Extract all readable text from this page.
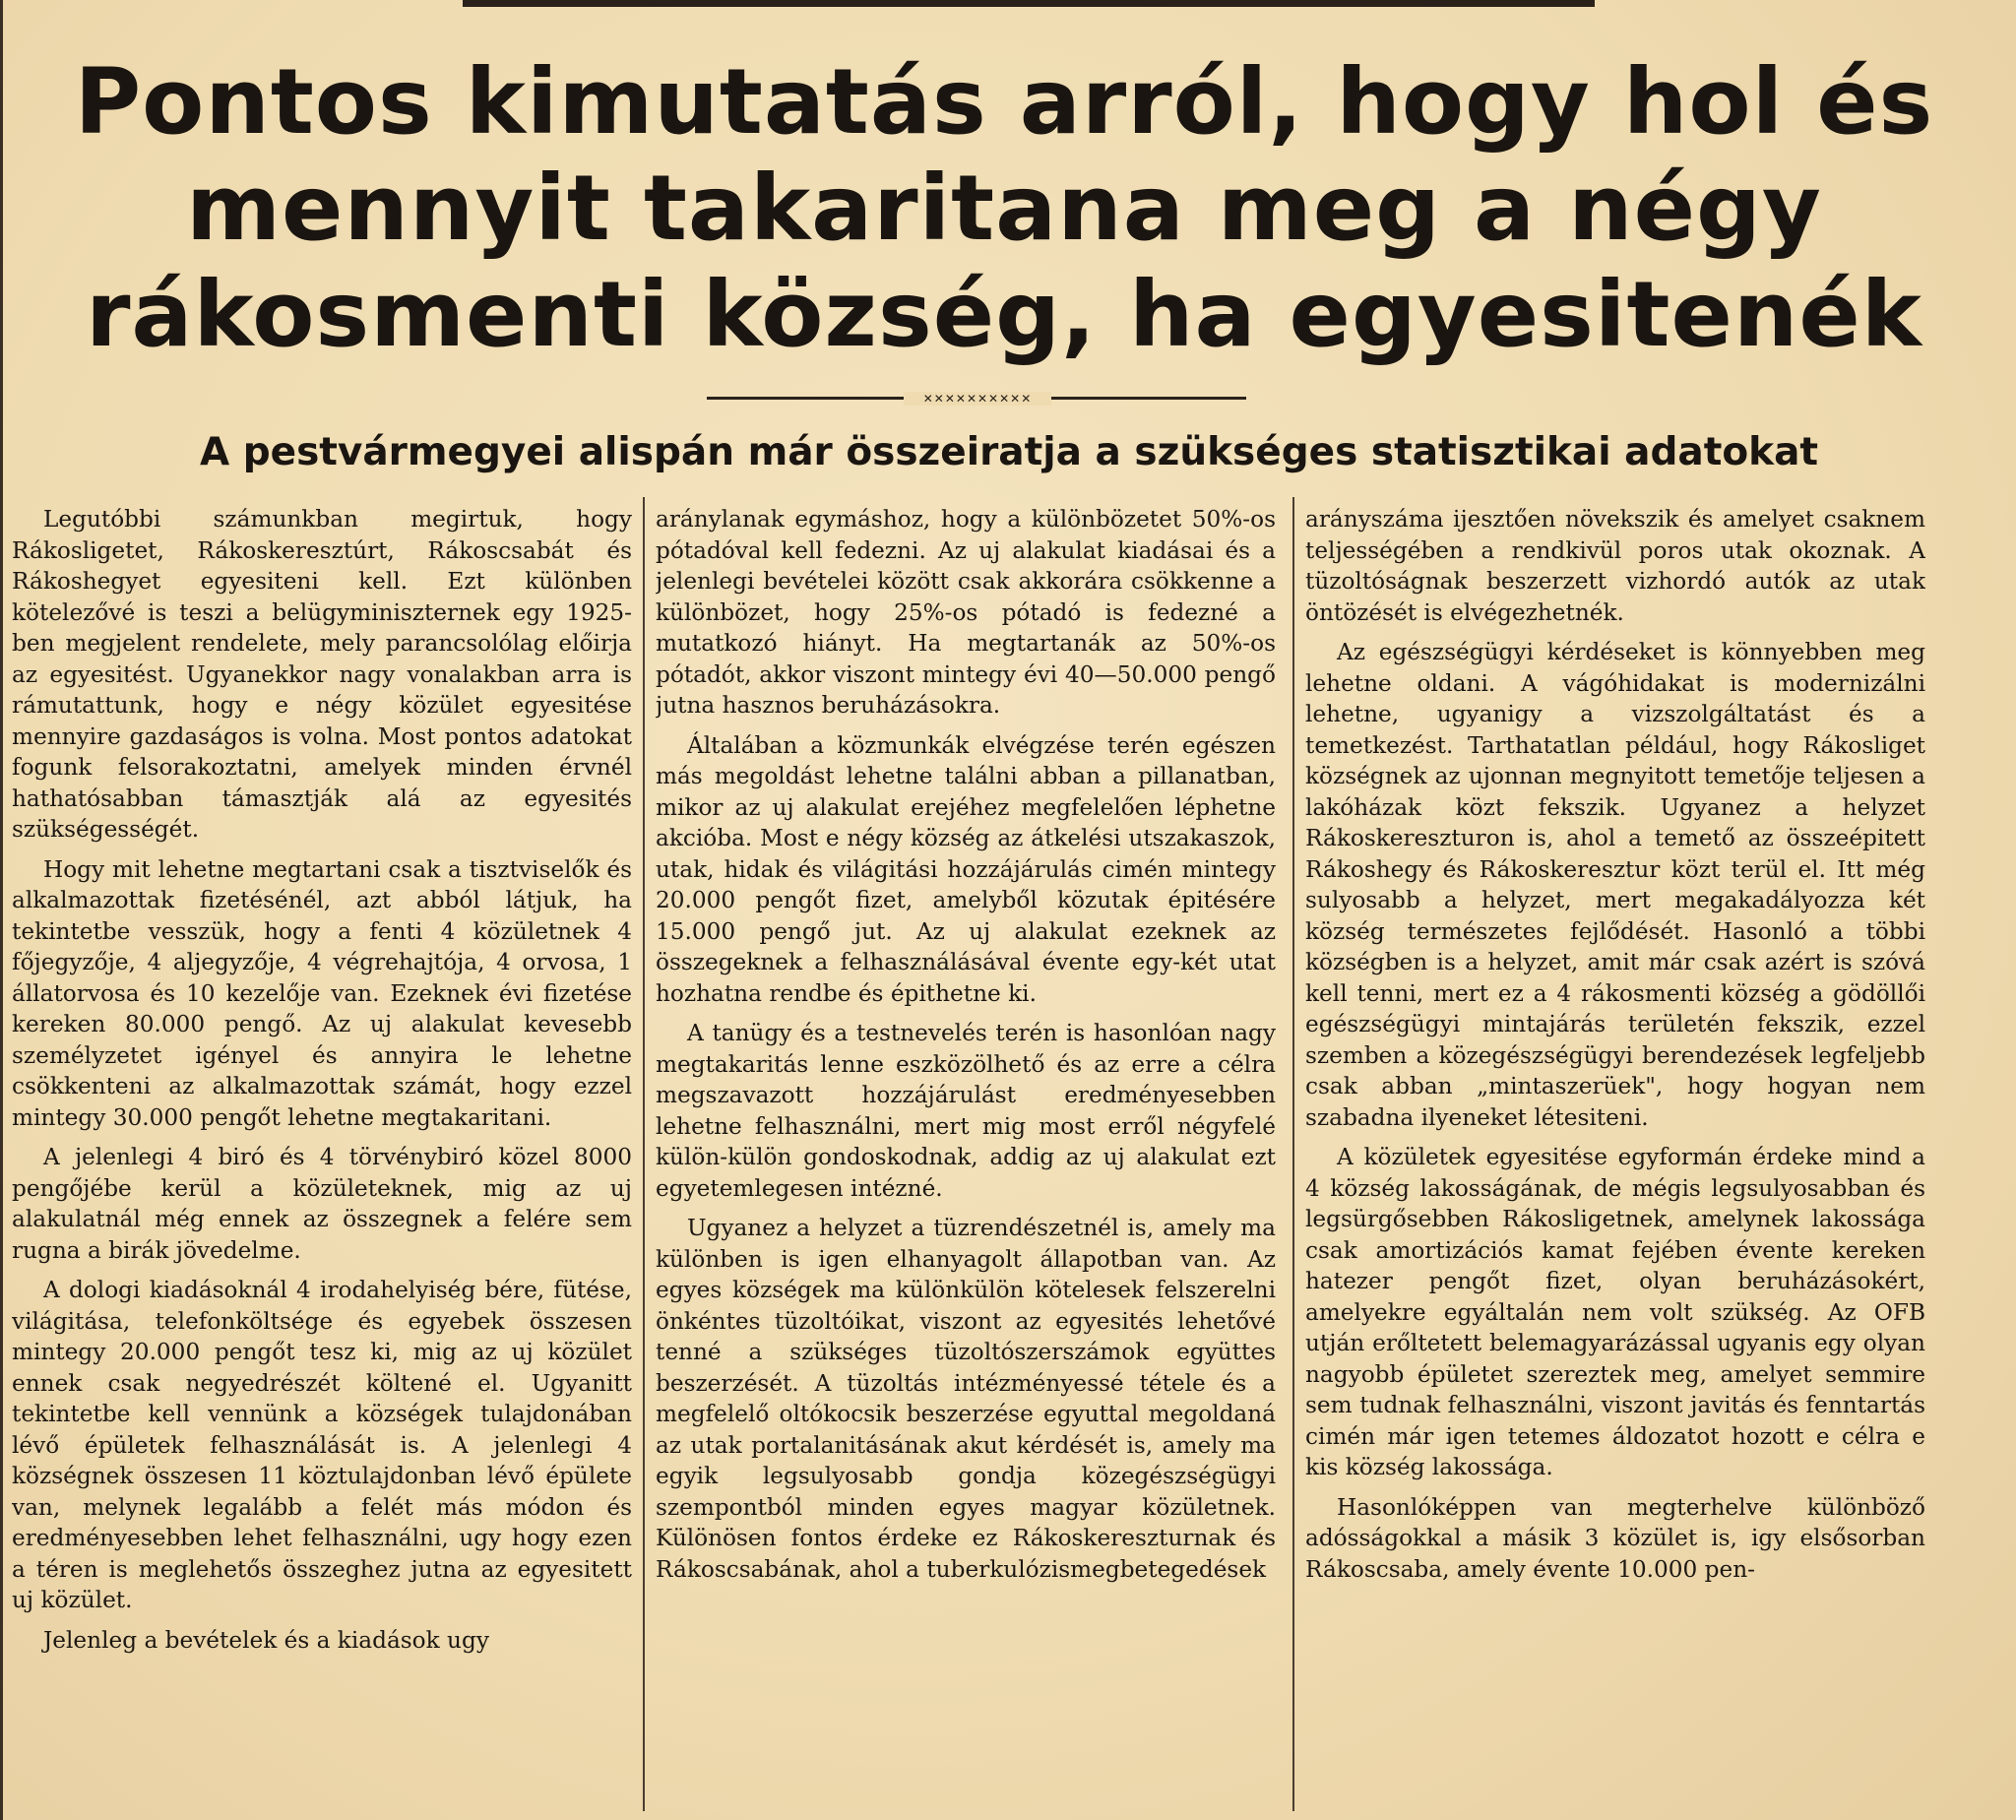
Pontos kimutatás arról, hogy hol és mennyit takaritana meg a négy rákosmenti község, ha egyesitenék
✕✕✕✕✕✕✕✕✕✕
A pestvármegyei alispán már összeiratja a szükséges statisztikai adatokat

Legutóbbi számunkban megirtuk, hogy Rákosligetet, Rákoskeresztúrt, Rákoscsabát és Rákoshegyet egyesiteni kell. Ezt különben kötelezővé is teszi a belügyminiszternek egy 1925-ben megjelent rendelete, mely parancsolólag előirja az egyesitést. Ugyanekkor nagy vonalakban arra is rámutattunk, hogy e négy közület egyesitése mennyire gazdaságos is volna. Most pontos adatokat fogunk felsorakoztatni, amelyek minden érvnél hathatósabban támasztják alá az egyesités szükségességét.

Hogy mit lehetne megtartani csak a tisztviselők és alkalmazottak fizetésénél, azt abból látjuk, ha tekintetbe vesszük, hogy a fenti 4 közületnek 4 főjegyzője, 4 aljegyzője, 4 végrehajtója, 4 orvosa, 1 állatorvosa és 10 kezelője van. Ezeknek évi fizetése kereken 80.000 pengő. Az uj alakulat kevesebb személyzetet igényel és annyira le lehetne csökkenteni az alkalmazottak számát, hogy ezzel mintegy 30.000 pengőt lehetne megtakaritani.

A jelenlegi 4 biró és 4 törvénybiró közel 8000 pengőjébe kerül a közületeknek, mig az uj alakulatnál még ennek az összegnek a felére sem rugna a birák jövedelme.

A dologi kiadásoknál 4 irodahelyiség bére, fütése, világitása, telefonköltsége és egyebek összesen mintegy 20.000 pengőt tesz ki, mig az uj közület ennek csak negyedrészét költené el. Ugyanitt tekintetbe kell vennünk a községek tulajdonában lévő épületek felhasználását is. A jelenlegi 4 községnek összesen 11 köztulajdonban lévő épülete van, melynek legalább a felét más módon és eredményesebben lehet felhasználni, ugy hogy ezen a téren is meglehetős összeghez jutna az egyesitett uj közület.

Jelenleg a bevételek és a kiadások ugy

aránylanak egymáshoz, hogy a különbözetet 50%-os pótadóval kell fedezni. Az uj alakulat kiadásai és a jelenlegi bevételei között csak akkorára csökkenne a különbözet, hogy 25%-os pótadó is fedezné a mutatkozó hiányt. Ha megtartanák az 50%-os pótadót, akkor viszont mintegy évi 40—50.000 pengő jutna hasznos beruházásokra.

Általában a közmunkák elvégzése terén egészen más megoldást lehetne találni abban a pillanatban, mikor az uj alakulat erejéhez megfelelően léphetne akcióba. Most e négy község az átkelési utszakaszok, utak, hidak és világitási hozzájárulás cimén mintegy 20.000 pengőt fizet, amelyből közutak épitésére 15.000 pengő jut. Az uj alakulat ezeknek az összegeknek a felhasználásával évente egy-két utat hozhatna rendbe és épithetne ki.

A tanügy és a testnevelés terén is hasonlóan nagy megtakaritás lenne eszközölhető és az erre a célra megszavazott hozzájárulást eredményesebben lehetne felhasználni, mert mig most erről négyfelé külön-külön gondoskodnak, addig az uj alakulat ezt egyetemlegesen intézné.

Ugyanez a helyzet a tüzrendészetnél is, amely ma különben is igen elhanyagolt állapotban van. Az egyes községek ma különkülön kötelesek felszerelni önkéntes tüzoltóikat, viszont az egyesités lehetővé tenné a szükséges tüzoltószerszámok együttes beszerzését. A tüzoltás intézményessé tétele és a megfelelő oltókocsik beszerzése egyuttal megoldaná az utak portalanitásának akut kérdését is, amely ma egyik legsulyosabb gondja közegészségügyi szempontból minden egyes magyar közületnek. Különösen fontos érdeke ez Rákoskereszturnak és Rákoscsabának, ahol a tuberkulózismegbetegedések

arányszáma ijesztően növekszik és amelyet csaknem teljességében a rendkivül poros utak okoznak. A tüzoltóságnak beszerzett vizhordó autók az utak öntözését is elvégezhetnék.

Az egészségügyi kérdéseket is könnyebben meg lehetne oldani. A vágóhidakat is modernizálni lehetne, ugyanigy a vizszolgáltatást és a temetkezést. Tarthatatlan például, hogy Rákosliget községnek az ujonnan megnyitott temetője teljesen a lakóházak közt fekszik. Ugyanez a helyzet Rákoskereszturon is, ahol a temető az összeépitett Rákoshegy és Rákoskeresztur közt terül el. Itt még sulyosabb a helyzet, mert megakadályozza két község természetes fejlődését. Hasonló a többi községben is a helyzet, amit már csak azért is szóvá kell tenni, mert ez a 4 rákosmenti község a gödöllői egészségügyi mintajárás területén fekszik, ezzel szemben a közegészségügyi berendezések legfeljebb csak abban „mintaszerüek", hogy hogyan nem szabadna ilyeneket létesiteni.

A közületek egyesitése egyformán érdeke mind a 4 község lakosságának, de mégis legsulyosabban és legsürgősebben Rákosligetnek, amelynek lakossága csak amortizációs kamat fejében évente kereken hatezer pengőt fizet, olyan beruházásokért, amelyekre egyáltalán nem volt szükség. Az OFB utján erőltetett belemagyarázással ugyanis egy olyan nagyobb épületet szereztek meg, amelyet semmire sem tudnak felhasználni, viszont javitás és fenntartás cimén már igen tetemes áldozatot hozott e célra e kis község lakossága.

Hasonlóképpen van megterhelve különböző adósságokkal a másik 3 közület is, igy elsősorban Rákoscsaba, amely évente 10.000 pen-
